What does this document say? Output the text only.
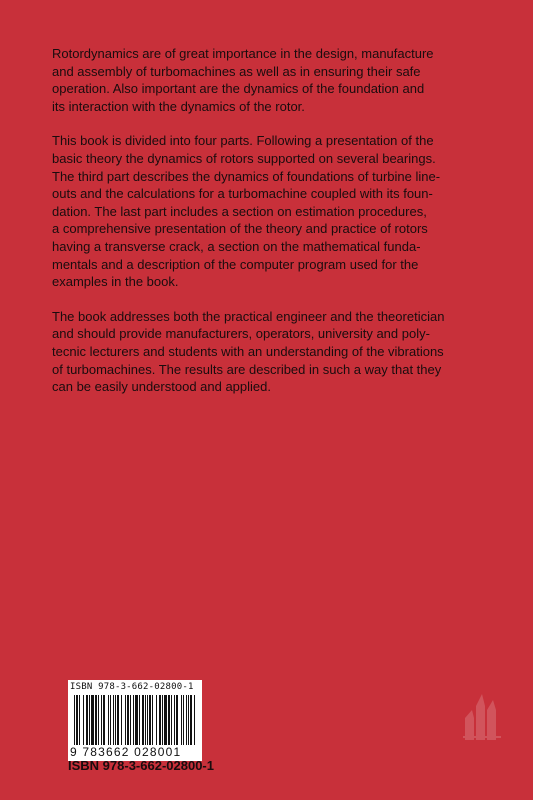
Rotordynamics are of great importance in the design, manufacture
and assembly of turbomachines as well as in ensuring their safe
operation. Also important are the dynamics of the foundation and
its interaction with the dynamics of the rotor.

This book is divided into four parts. Following a presentation of the
basic theory the dynamics of rotors supported on several bearings.
The third part describes the dynamics of foundations of turbine line-
outs and the calculations for a turbomachine coupled with its foun-
dation. The last part includes a section on estimation procedures,
a comprehensive presentation of the theory and practice of rotors
having a transverse crack, a section on the mathematical funda-
mentals and a description of the computer program used for the
examples in the book.

The book addresses both the practical engineer and the theoretician
and should provide manufacturers, operators, university and poly-
tecnic lecturers and students with an understanding of the vibrations
of turbomachines. The results are described in such a way that they
can be easily understood and applied.

ISBN 978-3-662-02800-1
9 783662 028001
ISBN 978-3-662-02800-1
